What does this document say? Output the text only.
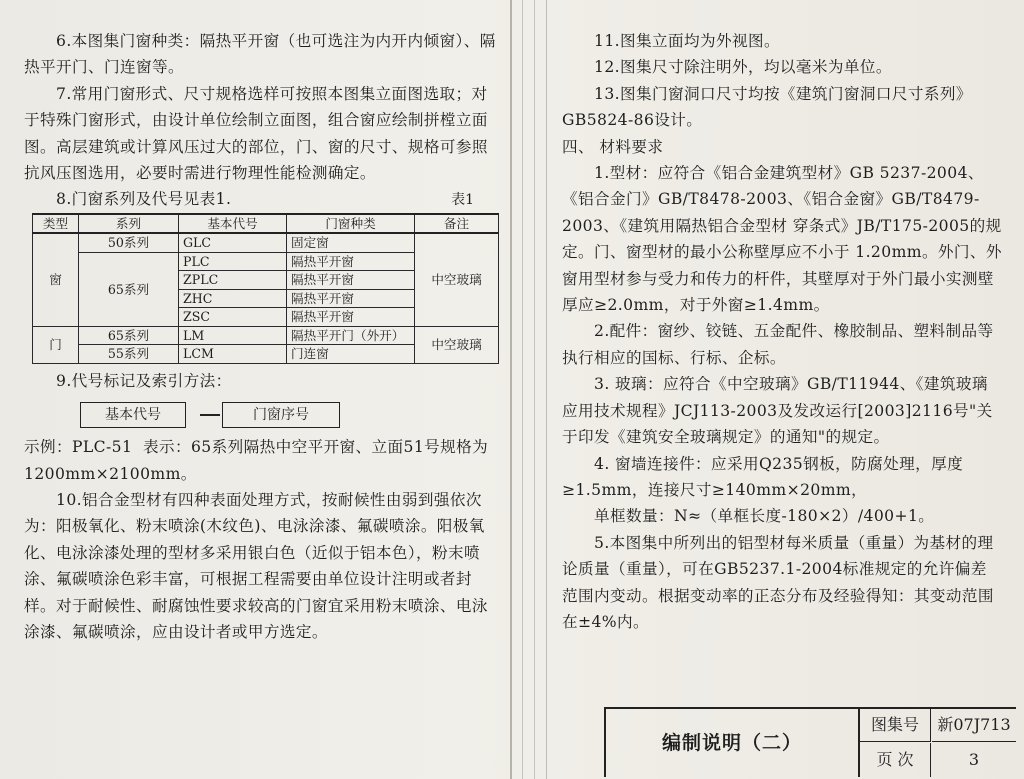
6.本图集门窗种类：隔热平开窗（也可选注为内开内倾窗）、隔热平开门、门连窗等。

7.常用门窗形式、尺寸规格选样可按照本图集立面图选取；对于特殊门窗形式，由设计单位绘制立面图，组合窗应绘制拼樘立面图。高层建筑或计算风压过大的部位，门、窗的尺寸、规格可参照抗风压图选用，必要时需进行物理性能检测确定。

8.门窗系列及代号见表1.	表1
类型	系列	基本代号	门窗种类	备注
窗	50系列	GLC	固定窗	中空玻璃
	65系列	PLC	隔热平开窗	
		ZPLC	隔热平开窗	
		ZHC	隔热平开窗	
		ZSC	隔热平开窗	
门	65系列	LM	隔热平开门（外开）	中空玻璃
	55系列	LCM	门连窗	

9.代号标记及索引方法：

基本代号	门窗序号

示例：PLC-51  表示：65系列隔热中空平开窗、立面51号规格为1200mm×2100mm。

10.铝合金型材有四种表面处理方式，按耐候性由弱到强依次为：阳极氧化、粉末喷涂(木纹色)、电泳涂漆、氟碳喷涂。阳极氧化、电泳涂漆处理的型材多采用银白色（近似于铝本色），粉末喷涂、氟碳喷涂色彩丰富，可根据工程需要由单位设计注明或者封样。对于耐候性、耐腐蚀性要求较高的门窗宜采用粉末喷涂、电泳涂漆、氟碳喷涂，应由设计者或甲方选定。

11.图集立面均为外视图。

12.图集尺寸除注明外，均以毫米为单位。

13.图集门窗洞口尺寸均按《建筑门窗洞口尺寸系列》GB5824-86设计。

四、 材料要求

1.型材：应符合《铝合金建筑型材》GB 5237-2004、《铝合金门》GB/T8478-2003、《铝合金窗》GB/T8479-2003、《建筑用隔热铝合金型材 穿条式》JB/T175-2005的规定。门、窗型材的最小公称壁厚应不小于 1.20mm。外门、外窗用型材参与受力和传力的杆件，其壁厚对于外门最小实测壁厚应≥2.0mm，对于外窗≥1.4mm。

2.配件：窗纱、铰链、五金配件、橡胶制品、塑料制品等执行相应的国标、行标、企标。

3. 玻璃：应符合《中空玻璃》GB/T11944、《建筑玻璃应用技术规程》JCJ113-2003及发改运行[2003]2116号"关于印发《建筑安全玻璃规定》的通知"的规定。

4. 窗墙连接件：应采用Q235钢板，防腐处理，厚度≥1.5mm，连接尺寸≥140mm×20mm，

单框数量：N≈（单框长度-180×2）/400+1。

5.本图集中所列出的铝型材每米质量（重量）为基材的理论质量（重量），可在GB5237.1-2004标准规定的允许偏差范围内变动。根据变动率的正态分布及经验得知：其变动范围在±4%内。

编制说明（二）
图集号	新07J713
页 次	3
